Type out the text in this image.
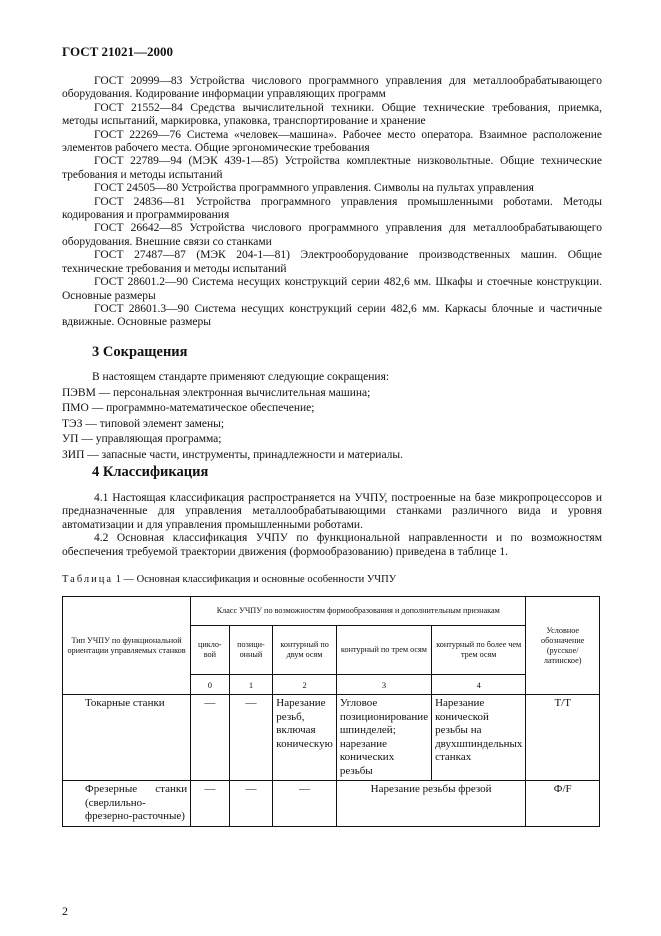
ГОСТ 21021—2000

ГОСТ 20999—83 Устройства числового программного управления для металлообрабатывающего оборудования. Кодирование информации управляющих программ

ГОСТ 21552—84 Средства вычислительной техники. Общие технические требования, приемка, методы испытаний, маркировка, упаковка, транспортирование и хранение

ГОСТ 22269—76 Система «человек—машина». Рабочее место оператора. Взаимное расположение элементов рабочего места. Общие эргономические требования

ГОСТ 22789—94 (МЭК 439-1—85) Устройства комплектные низковольтные. Общие технические требования и методы испытаний

ГОСТ 24505—80 Устройства программного управления. Символы на пультах управления

ГОСТ 24836—81 Устройства программного управления промышленными роботами. Методы кодирования и программирования

ГОСТ 26642—85 Устройства числового программного управления для металлообрабатывающего оборудования. Внешние связи со станками

ГОСТ 27487—87 (МЭК 204-1—81) Электрооборудование производственных машин. Общие технические требования и методы испытаний

ГОСТ 28601.2—90 Система несущих конструкций серии 482,6 мм. Шкафы и стоечные конструкции. Основные размеры

ГОСТ 28601.3—90 Система несущих конструкций серии 482,6 мм. Каркасы блочные и частичные вдвижные. Основные размеры

3 Сокращения
В настоящем стандарте применяют следующие сокращения:
ПЭВМ — персональная электронная вычислительная машина;
ПМО — программно-математическое обеспечение;
ТЭЗ — типовой элемент замены;
УП — управляющая программа;
ЗИП — запасные части, инструменты, принадлежности и материалы.
4 Классификация

4.1 Настоящая классификация распространяется на УЧПУ, построенные на базе микропроцессоров и предназначенные для управления металлообрабатывающими станками различного вида и уровня автоматизации и для управления промышленными роботами.

4.2 Основная классификация УЧПУ по функциональной направленности и по возможностям обеспечения требуемой траектории движения (формообразованию) приведена в таблице 1.

Таблица 1 — Основная классификация и основные особенности УЧПУ
Тип УЧПУ по функциональной ориентации управляемых станков	Класс УЧПУ по возможностям формообразования и дополнительным признакам					Условное обозначение (русское/ латинское)
	цикло- вой	позици- онный	контурный по двум осям	контурный по трем осям	контурный по более чем трем осям	
	0	1	2	3	4	
Токарные станки	—	—	Нарезание резьб, включая коническую	Угловое позиционирование шпинделей; нарезание конических резьбы	Нарезание конической резьбы на двухшпиндельных станках	Т/Т
Фрезерные станки (сверлильно-фрезерно-расточные)	—	—	—	Нарезание резьбы фрезой		Ф/F
2
